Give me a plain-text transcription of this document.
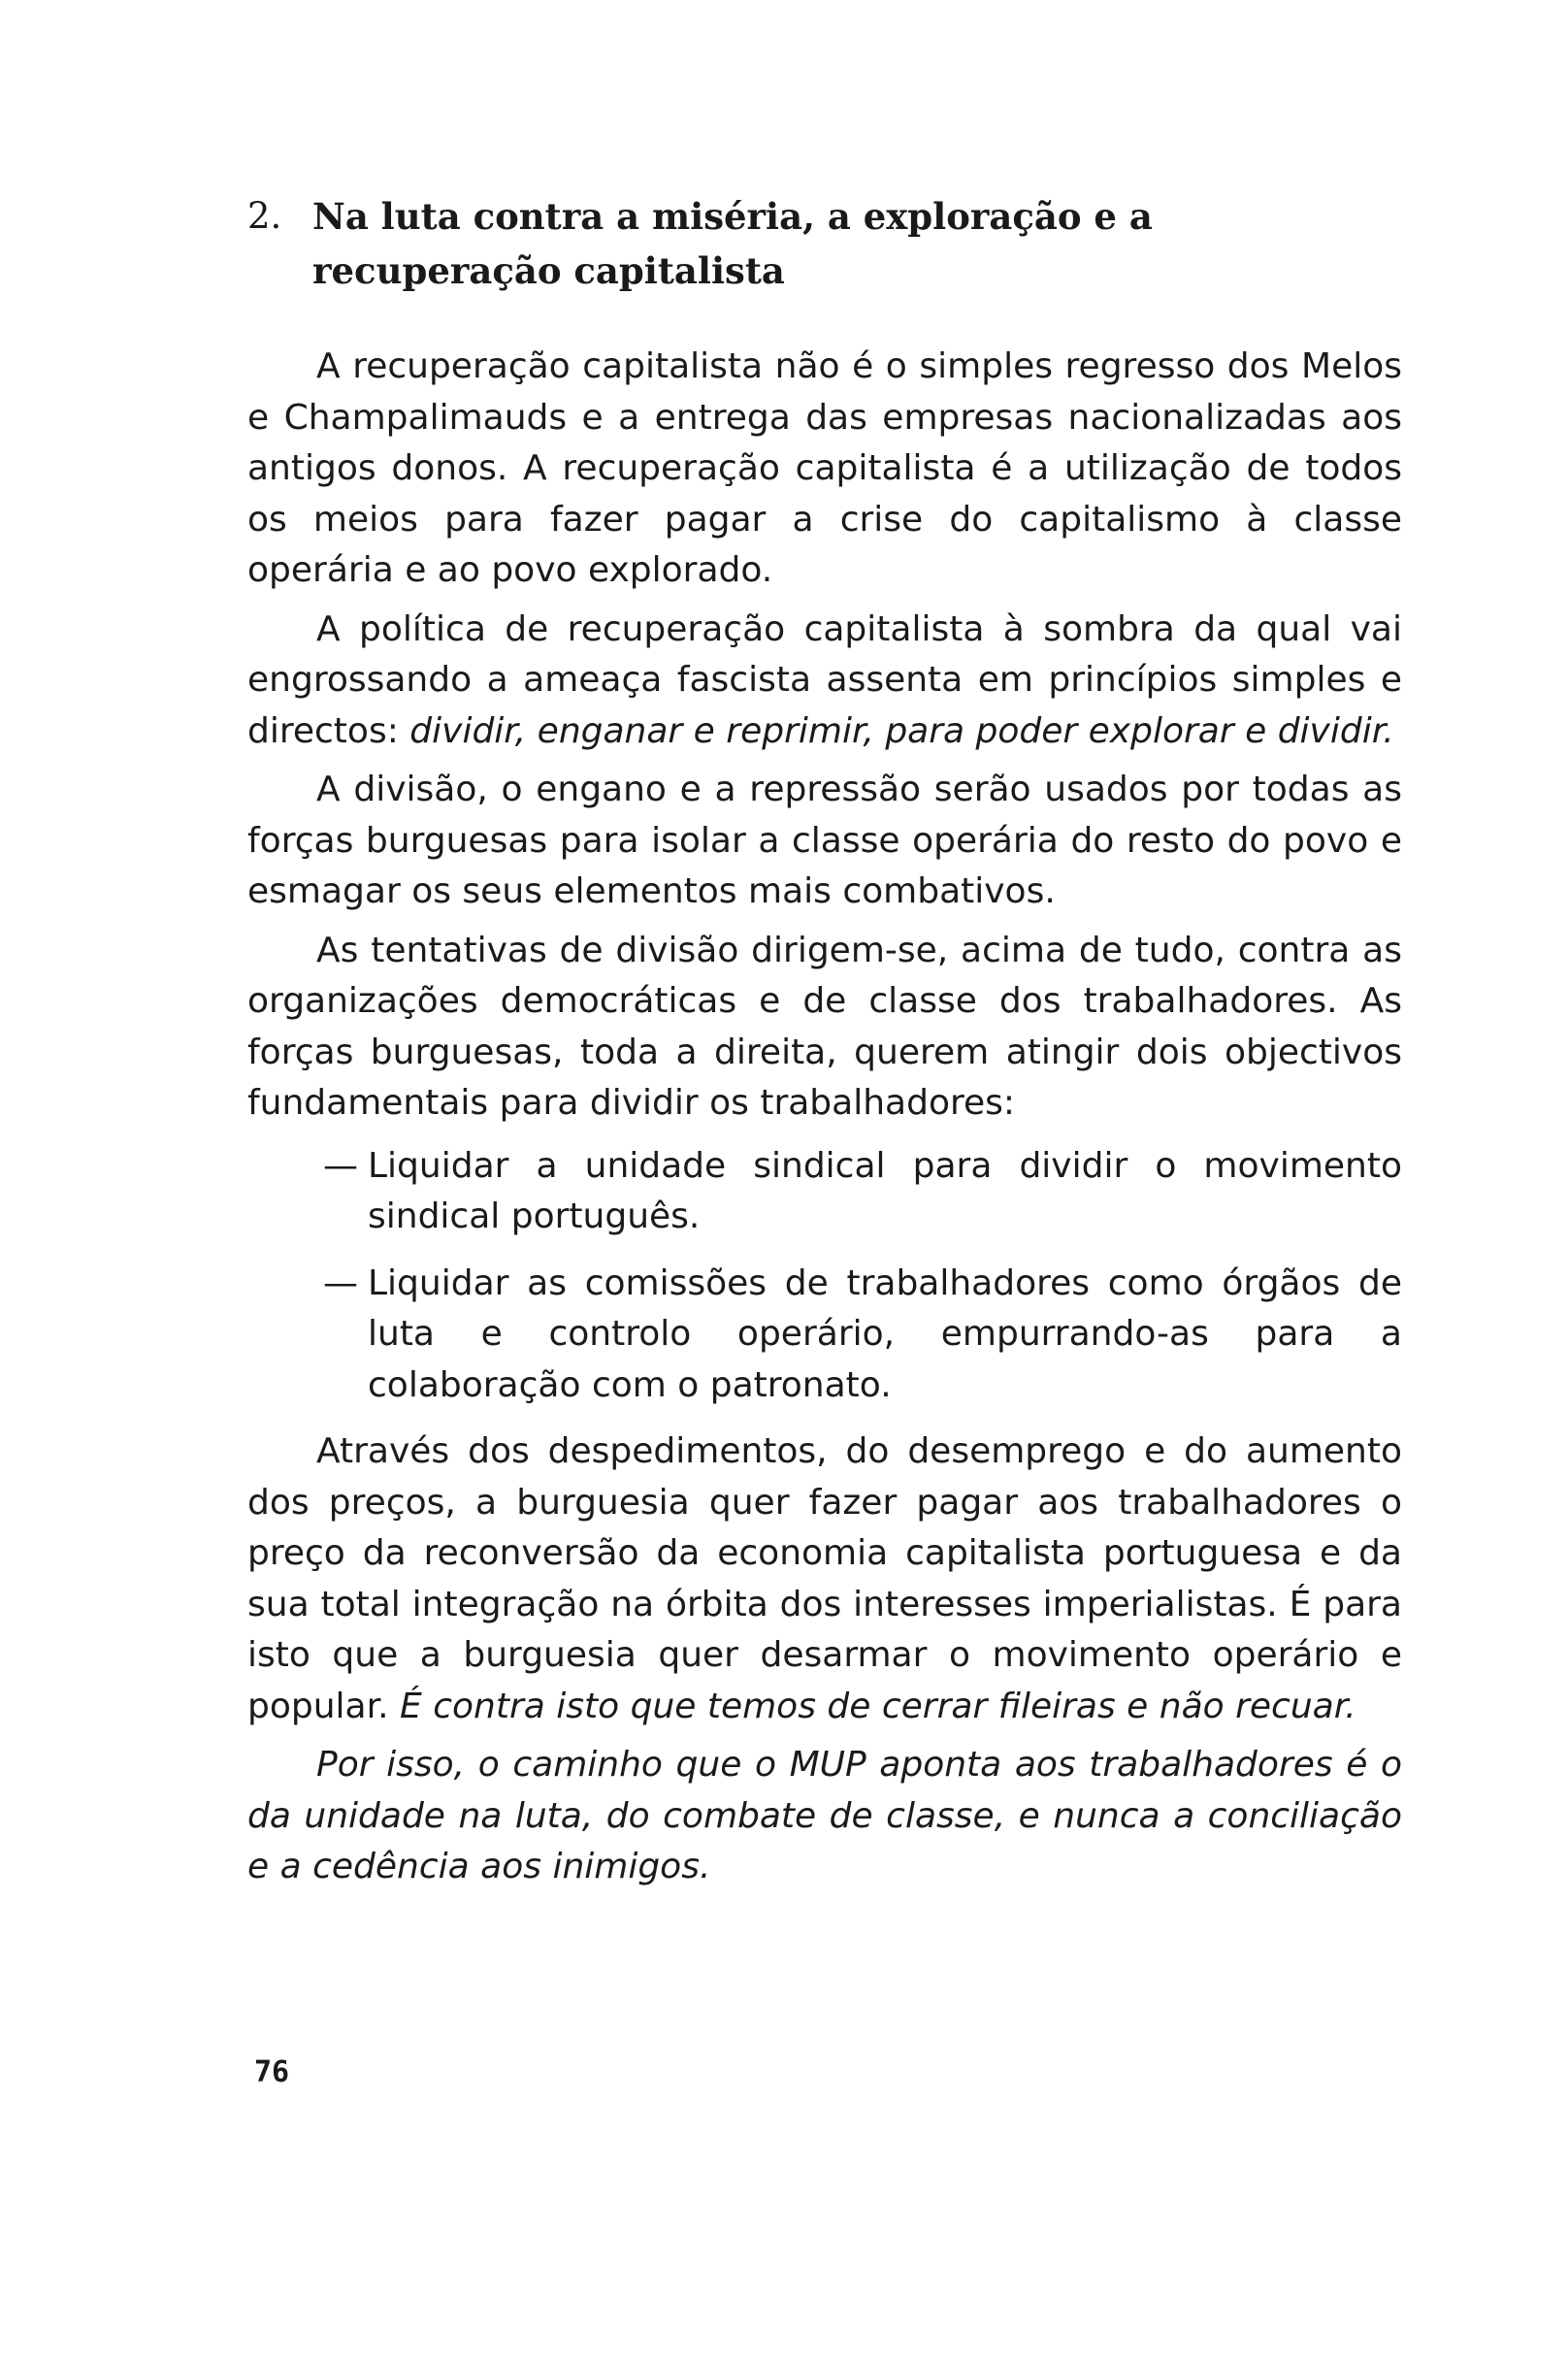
2. Na luta contra a miséria, a exploração e a recuperação capitalista

A recuperação capitalista não é o simples regresso dos Melos e Champalimauds e a entrega das empresas nacionalizadas aos antigos donos. A recuperação capitalista é a utilização de todos os meios para fazer pagar a crise do capitalismo à classe operária e ao povo explorado.

A política de recuperação capitalista à sombra da qual vai engrossando a ameaça fascista assenta em princípios simples e directos: dividir, enganar e reprimir, para poder explorar e dividir.

A divisão, o engano e a repressão serão usados por todas as forças burguesas para isolar a classe operária do resto do povo e esmagar os seus elementos mais combativos.

As tentativas de divisão dirigem-se, acima de tudo, contra as organizações democráticas e de classe dos trabalhadores. As forças burguesas, toda a direita, querem atingir dois objectivos fundamentais para dividir os trabalhadores:

— Liquidar a unidade sindical para dividir o movimento sindical português.
— Liquidar as comissões de trabalhadores como órgãos de luta e controlo operário, empurrando-as para a colaboração com o patronato.

Através dos despedimentos, do desemprego e do aumento dos preços, a burguesia quer fazer pagar aos trabalhadores o preço da reconversão da economia capitalista portuguesa e da sua total integração na órbita dos interesses imperialistas. É para isto que a burguesia quer desarmar o movimento operário e popular. É contra isto que temos de cerrar fileiras e não recuar.

Por isso, o caminho que o MUP aponta aos trabalhadores é o da unidade na luta, do combate de classe, e nunca a conciliação e a cedência aos inimigos.

76
